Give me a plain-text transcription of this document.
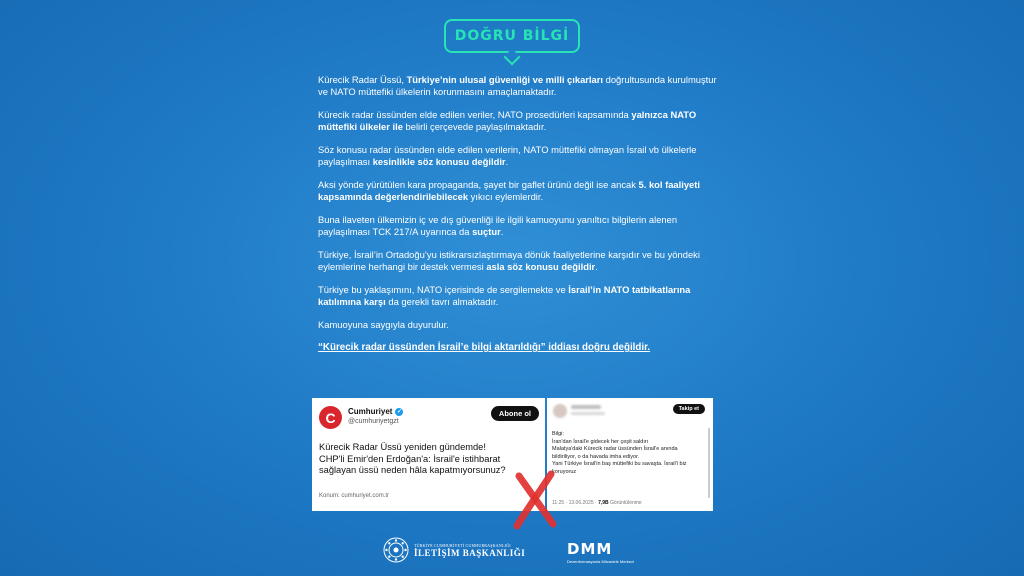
DOĞRU BİLGİ

Kürecik Radar Üssü, Türkiye’nin ulusal güvenliği ve milli çıkarları doğrultusunda kurulmuştur ve NATO müttefiki ülkelerin korunmasını amaçlamaktadır.

Kürecik radar üssünden elde edilen veriler, NATO prosedürleri kapsamında yalnızca NATO müttefiki ülkeler ile belirli çerçevede paylaşılmaktadır.

Söz konusu radar üssünden elde edilen verilerin, NATO müttefiki olmayan İsrail vb ülkelerle paylaşılması kesinlikle söz konusu değildir.

Aksi yönde yürütülen kara propaganda, şayet bir gaflet ürünü değil ise ancak 5. kol faaliyeti kapsamında değerlendirilebilecek yıkıcı eylemlerdir.

Buna ilaveten ülkemizin iç ve dış güvenliği ile ilgili kamuoyunu yanıltıcı bilgilerin alenen paylaşılması TCK 217/A uyarınca da suçtur.

Türkiye, İsrail’in Ortadoğu’yu istikrarsızlaştırmaya dönük faaliyetlerine karşıdır ve bu yöndeki eylemlerine herhangi bir destek vermesi asla söz konusu değildir.

Türkiye bu yaklaşımını, NATO içerisinde de sergilemekte ve İsrail’in NATO tatbikatlarına katılımına karşı da gerekli tavrı almaktadır.

Kamuoyuna saygıyla duyurulur.

“Kürecik radar üssünden İsrail’e bilgi aktarıldığı” iddiası doğru değildir.

C	Cumhuriyet ✓
@cumhuriyetgzt
Abone ol
Kürecik Radar Üssü yeniden gündemde!
CHP'li Emir'den Erdoğan'a: İsrail'e istihbarat sağlayan üssü neden hâla kapatmıyorsunuz?
Konum: cumhuriyet.com.tr
Takip et
Bilgi:
İran'dan İsrail'e gidecek her çeşit saldırı
Malatya'daki Kürecik radar üssünden İsrail'e anında bildiriliyor, o da havada imha ediyor.
Yani Türkiye İsrail'in baş müttefiki bu savaşta. İsrail'i biz koruyoruz
11:25 · 13.06.2025 · 7,9B Görüntülenme
TÜRKİYE CUMHURİYETİ CUMHURBAŞKANLIĞI
İLETİŞİM BAŞKANLIĞI	DMM
Dezenformasyonla Mücadele Merkezi
